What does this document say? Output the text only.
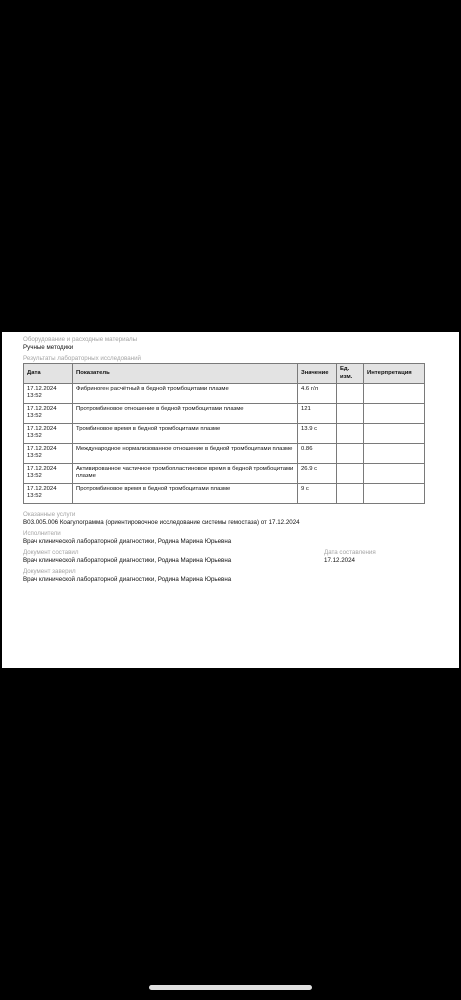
Оборудование и расходные материалы
Ручные методики
Результаты лабораторных исследований
Дата	Показатель	Значение	Ед. изм.	Интерпретация
17.12.2024 13:52	Фибриноген расчётный в бедной тромбоцитами плазме	4.6 г/л		
17.12.2024 13:52	Протромбиновое отношение в бедной тромбоцитами плазме	121		
17.12.2024 13:52	Тромбиновое время в бедной тромбоцитами плазме	13.9 с		
17.12.2024 13:52	Международное нормализованное отношение в бедной тромбоцитами плазме	0.86		
17.12.2024 13:52	Активированное частичное тромбопластиновое время в бедной тромбоцитами плазме	26.9 с		
17.12.2024 13:52	Протромбиновое время в бедной тромбоцитами плазме	9 с		
Оказанные услуги
B03.005.006 Коагулограмма (ориентировочное исследование системы гемостаза) от 17.12.2024
Исполнители
Врач клинической лабораторной диагностики, Родина Марина Юрьевна
Документ составил
Врач клинической лабораторной диагностики, Родина Марина Юрьевна
Дата составления
17.12.2024
Документ заверил
Врач клинической лабораторной диагностики, Родина Марина Юрьевна
